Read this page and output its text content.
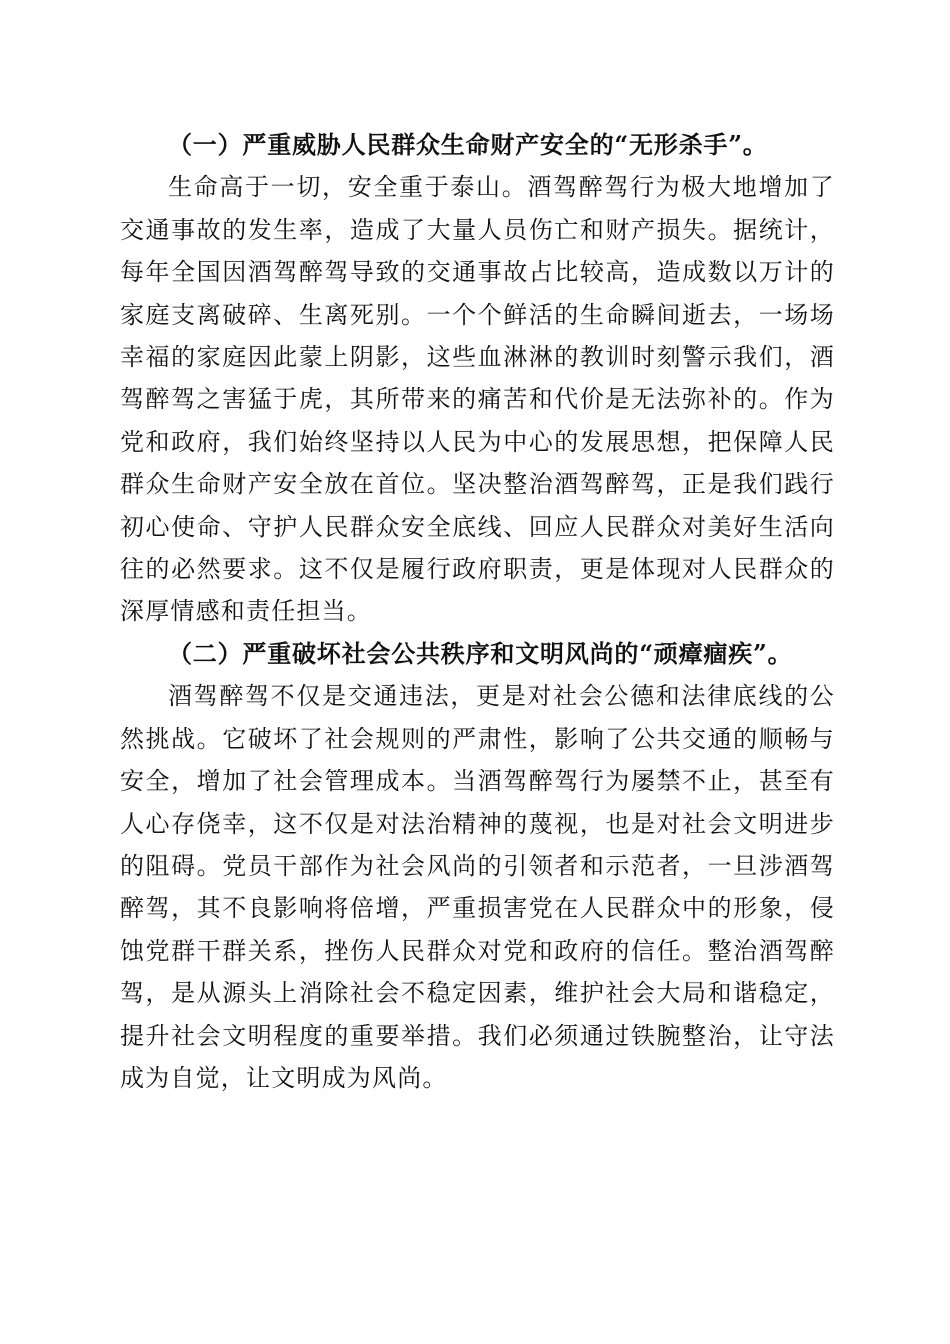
（一）严重威胁人民群众生命财产安全的“无形杀手”。

生命高于一切，安全重于泰山。酒驾醉驾行为极大地增加了交通事故的发生率，造成了大量人员伤亡和财产损失。据统计，每年全国因酒驾醉驾导致的交通事故占比较高，造成数以万计的家庭支离破碎、生离死别。一个个鲜活的生命瞬间逝去，一场场幸福的家庭因此蒙上阴影，这些血淋淋的教训时刻警示我们，酒驾醉驾之害猛于虎，其所带来的痛苦和代价是无法弥补的。作为党和政府，我们始终坚持以人民为中心的发展思想，把保障人民群众生命财产安全放在首位。坚决整治酒驾醉驾，正是我们践行初心使命、守护人民群众安全底线、回应人民群众对美好生活向往的必然要求。这不仅是履行政府职责，更是体现对人民群众的深厚情感和责任担当。

（二）严重破坏社会公共秩序和文明风尚的“顽瘴痼疾”。

酒驾醉驾不仅是交通违法，更是对社会公德和法律底线的公然挑战。它破坏了社会规则的严肃性，影响了公共交通的顺畅与安全，增加了社会管理成本。当酒驾醉驾行为屡禁不止，甚至有人心存侥幸，这不仅是对法治精神的蔑视，也是对社会文明进步的阻碍。党员干部作为社会风尚的引领者和示范者，一旦涉酒驾醉驾，其不良影响将倍增，严重损害党在人民群众中的形象，侵蚀党群干群关系，挫伤人民群众对党和政府的信任。整治酒驾醉驾，是从源头上消除社会不稳定因素，维护社会大局和谐稳定，提升社会文明程度的重要举措。我们必须通过铁腕整治，让守法成为自觉，让文明成为风尚。
